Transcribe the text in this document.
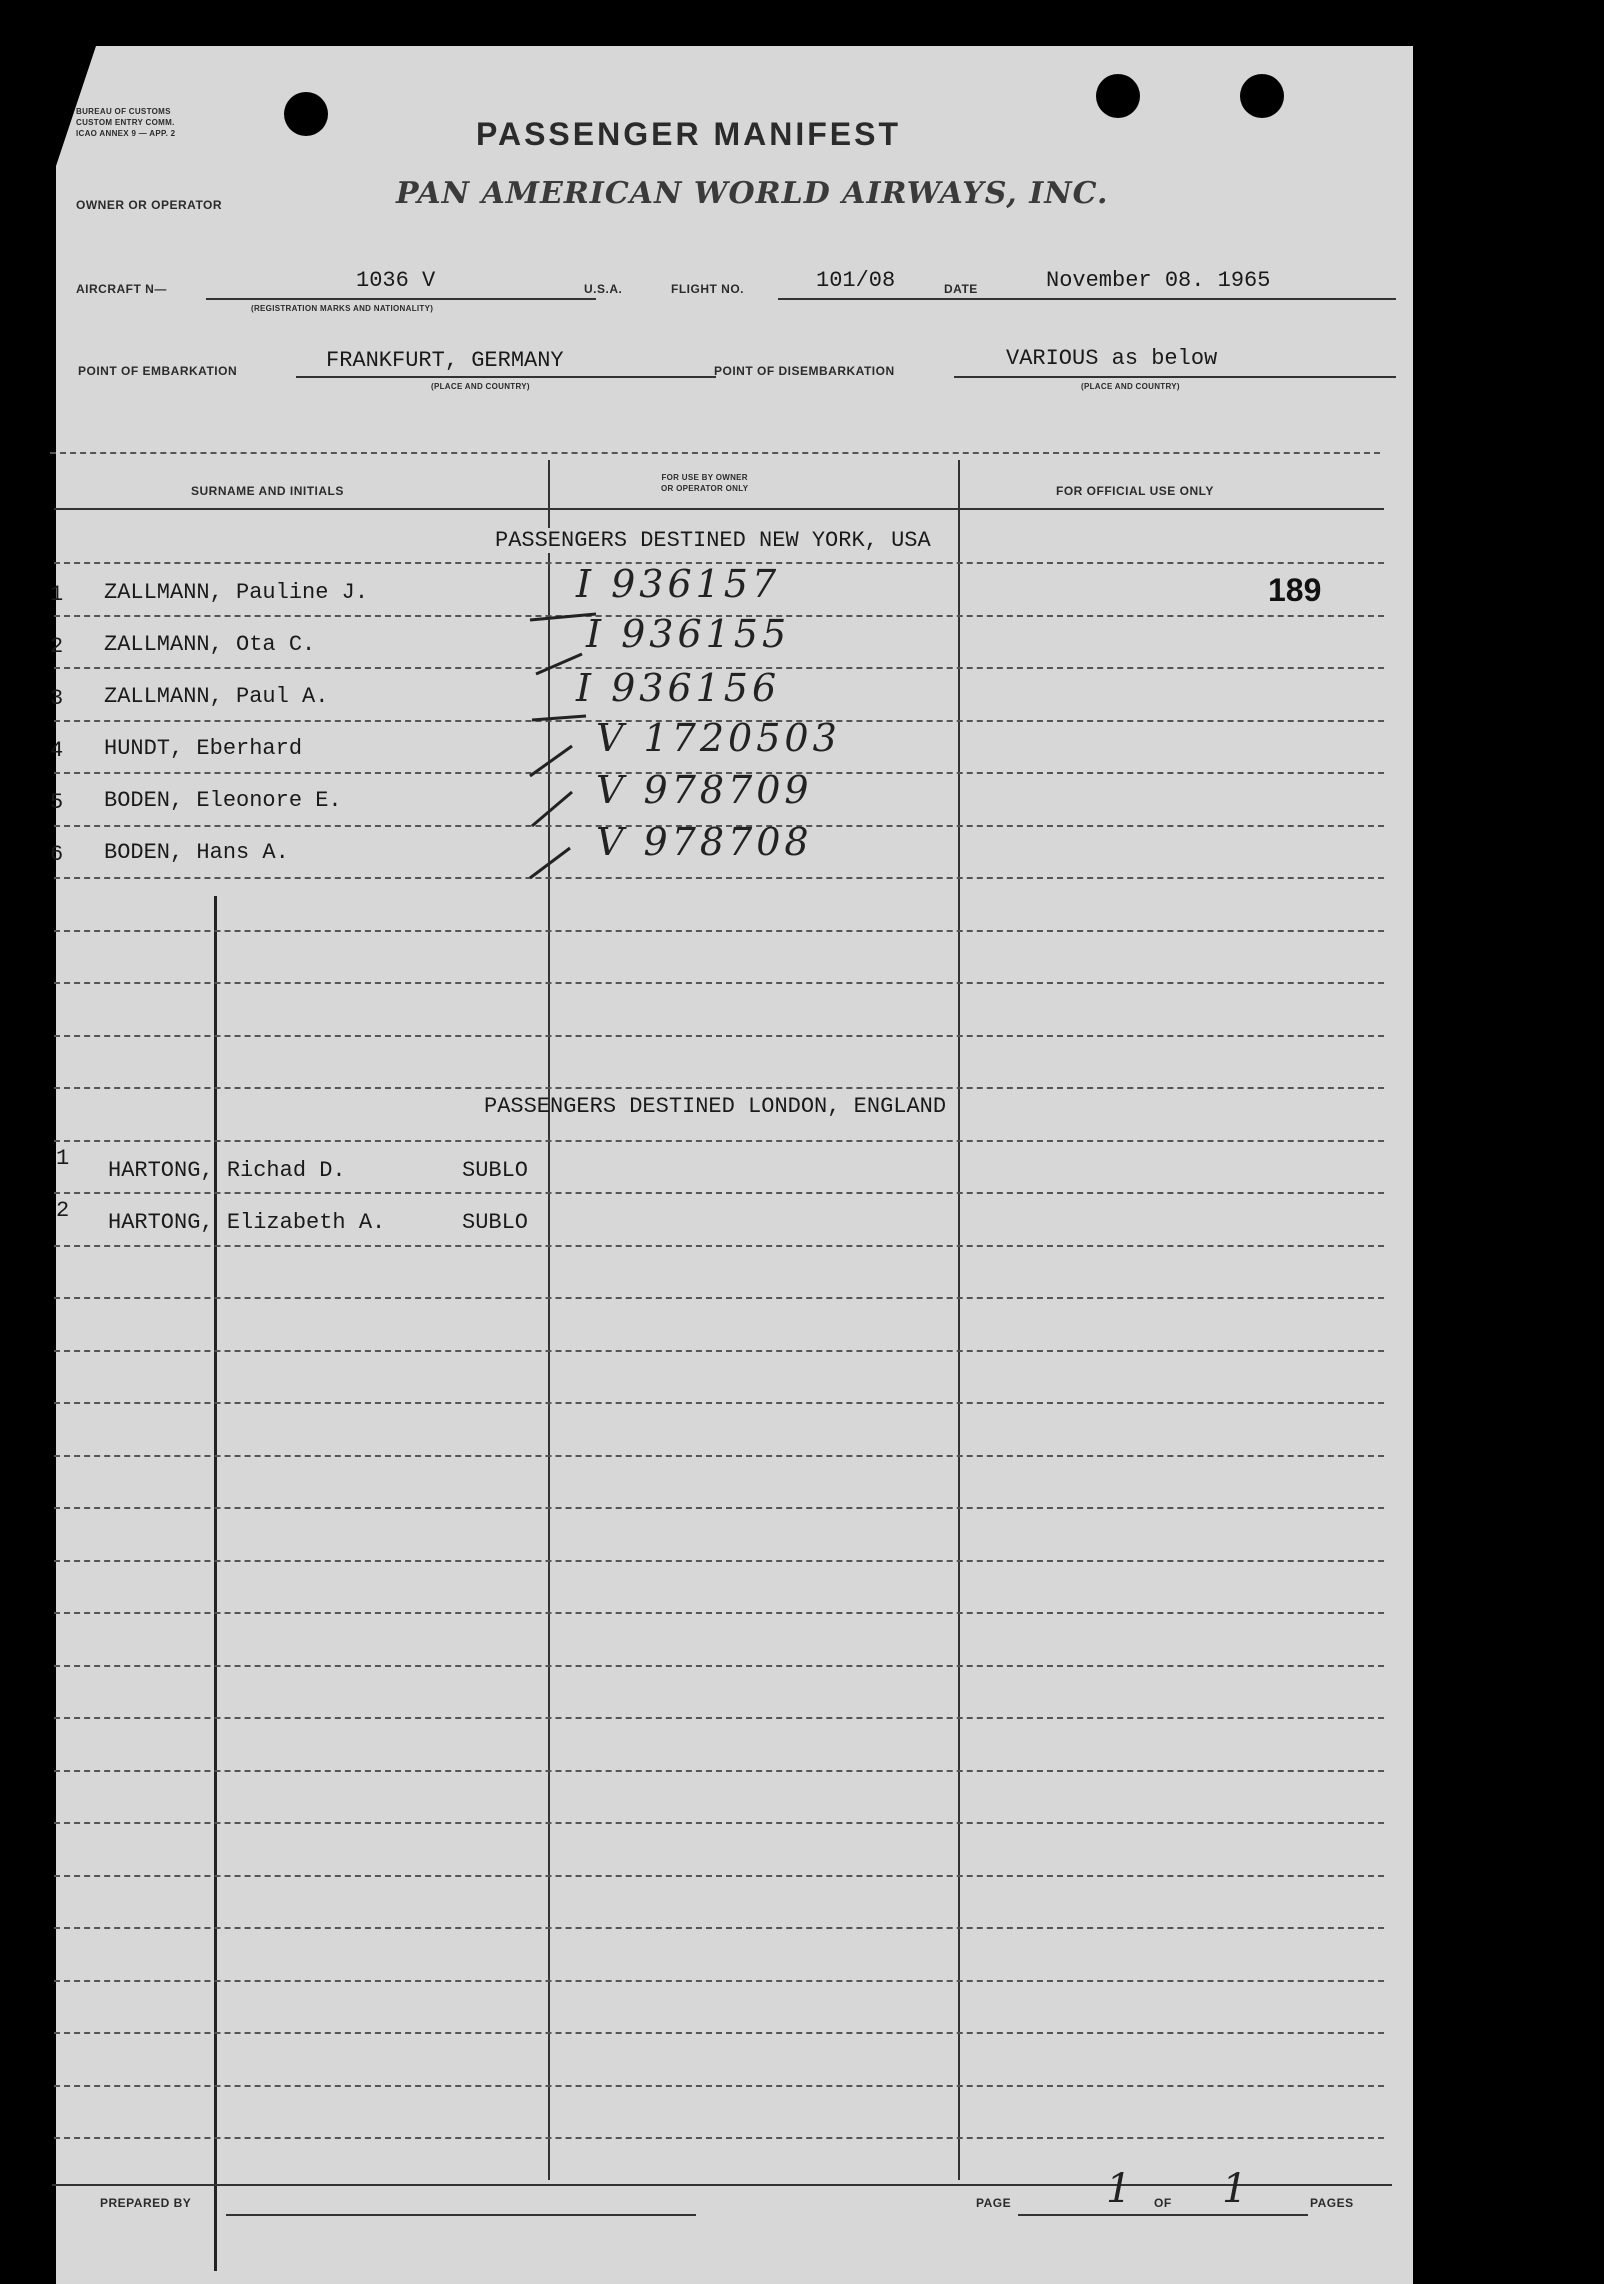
BUREAU OF CUSTOMS
CUSTOM ENTRY COMM.
ICAO ANNEX 9 — APP. 2	PASSENGER MANIFEST
OWNER OR OPERATOR	PAN AMERICAN WORLD AIRWAYS, INC.
AIRCRAFT N—	1036 V
(REGISTRATION MARKS AND NATIONALITY)
U.S.A.	FLIGHT NO.	101/08	DATE	November 08. 1965
POINT OF EMBARKATION	FRANKFURT, GERMANY
(PLACE AND COUNTRY)
POINT OF DISEMBARKATION	VARIOUS as below
(PLACE AND COUNTRY)
SURNAME AND INITIALS
FOR USE BY OWNER
OR OPERATOR ONLY	FOR OFFICIAL USE ONLY
PASSENGERS DESTINED NEW YORK, USA
189
1 ZALLMANN, Pauline J.	I 936157
2 ZALLMANN, Ota C.	I 936155
3 ZALLMANN, Paul A.	I 936156
4 HUNDT, Eberhard	V 1720503
5 BODEN, Eleonore E.	V 978709
6 BODEN, Hans A.	V 978708
PASSENGERS DESTINED LONDON, ENGLAND
1 HARTONG, Richad D.	SUBLO
2 HARTONG, Elizabeth A.	SUBLO
PREPARED BY	PAGE 1 OF 1	PAGES
